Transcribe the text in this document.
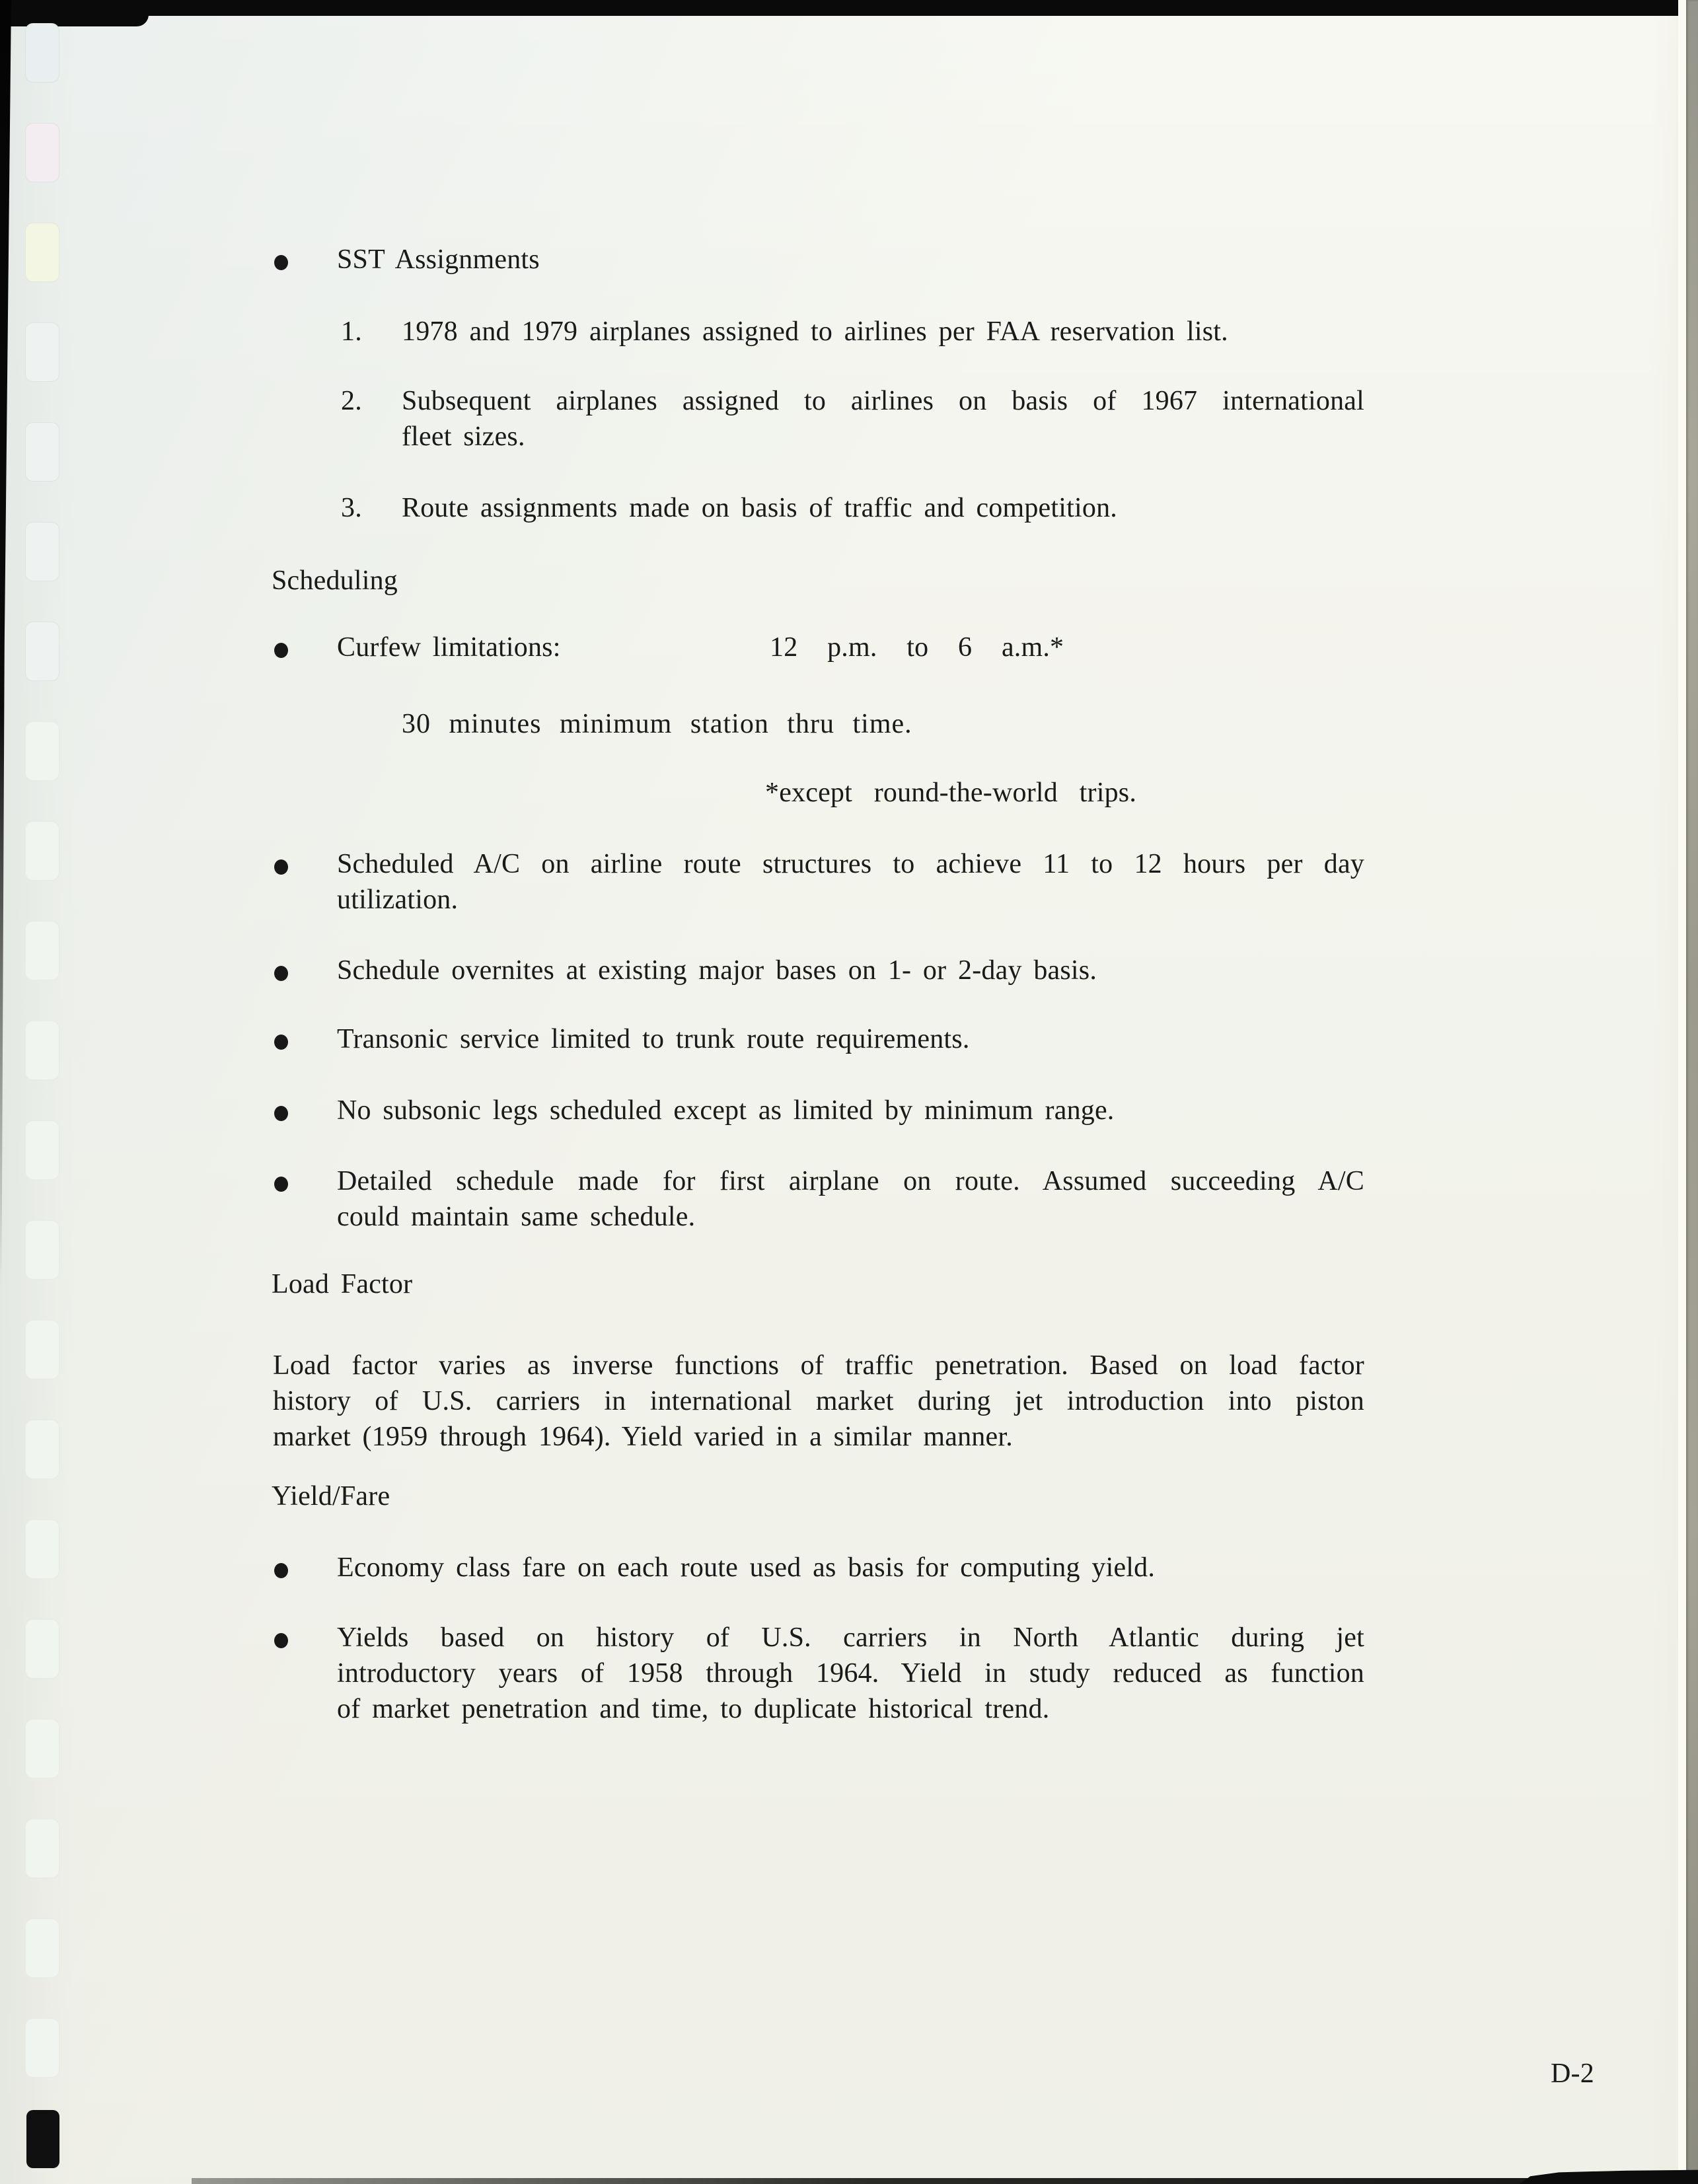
SST Assignments
1. 1978 and 1979 airplanes assigned to airlines per FAA reservation list.
2. Subsequent airplanes assigned to airlines on basis of 1967 international
fleet sizes.
3. Route assignments made on basis of traffic and competition.
Scheduling
Curfew limitations:	12 p.m. to 6 a.m.*
30 minutes minimum station thru time.
*except round-the-world trips.
Scheduled A/C on airline route structures to achieve 11 to 12 hours per day
utilization.
Schedule overnites at existing major bases on 1- or 2-day basis.
Transonic service limited to trunk route requirements.
No subsonic legs scheduled except as limited by minimum range.
Detailed schedule made for first airplane on route. Assumed succeeding A/C
could maintain same schedule.
Load Factor
Load factor varies as inverse functions of traffic penetration. Based on load factor
history of U.S. carriers in international market during jet introduction into piston
market (1959 through 1964). Yield varied in a similar manner.
Yield/Fare
Economy class fare on each route used as basis for computing yield.
Yields based on history of U.S. carriers in North Atlantic during jet
introductory years of 1958 through 1964. Yield in study reduced as function
of market penetration and time, to duplicate historical trend.
D-2
